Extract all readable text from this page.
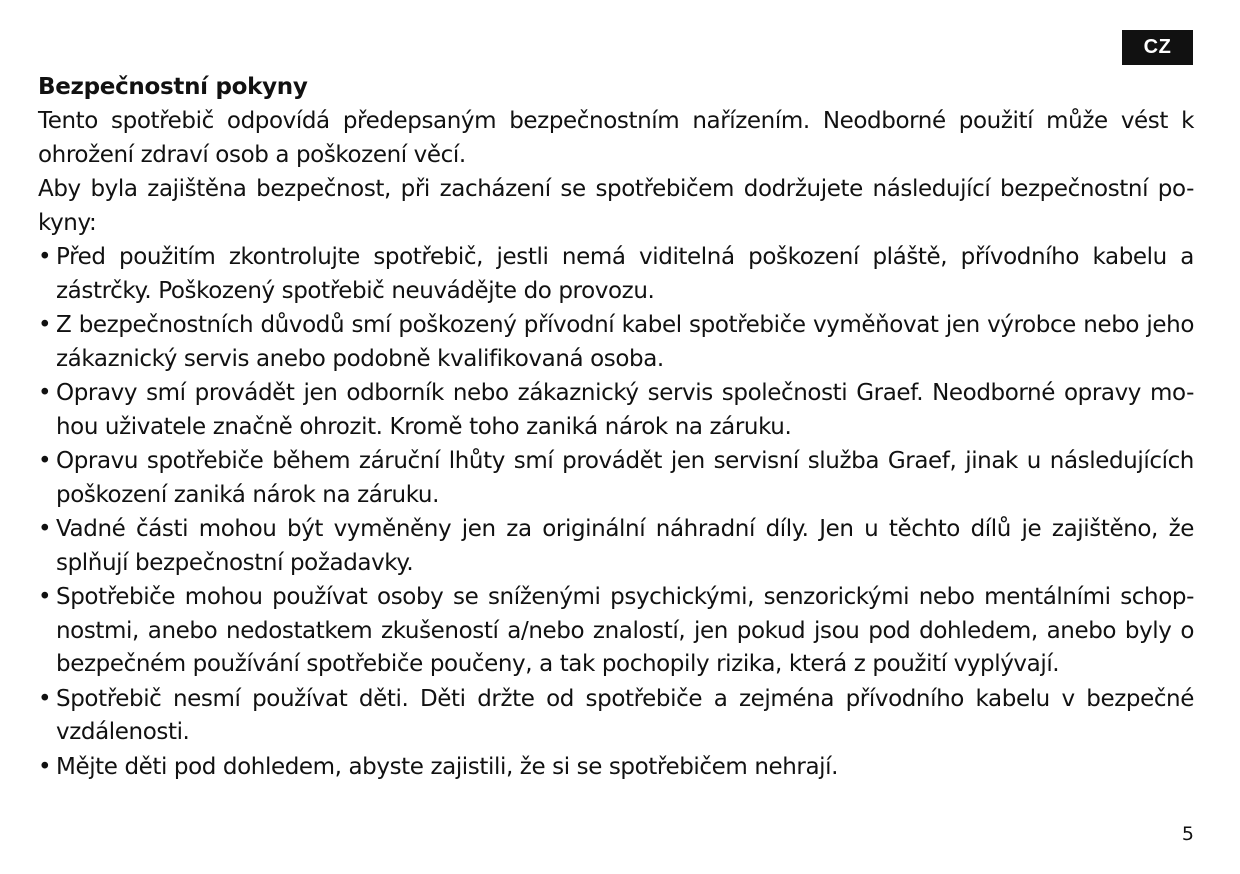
CZ
Bezpečnostní pokyny

Tento spotřebič odpovídá předepsaným bezpečnostním nařízením. Neodborné použití může vést k ohrožení zdraví osob a poškození věcí.

Aby byla zajištěna bezpečnost, při zacházení se spotřebičem dodržujete následující bezpečnostní po-kyny:

• Před použitím zkontrolujte spotřebič, jestli nemá viditelná poškození pláště, přívodního kabelu a zástrčky. Poškozený spotřebič neuvádějte do provozu.
• Z bezpečnostních důvodů smí poškozený přívodní kabel spotřebiče vyměňovat jen výrobce nebo jeho zákaznický servis anebo podobně kvalifikovaná osoba.
• Opravy smí provádět jen odborník nebo zákaznický servis společnosti Graef. Neodborné opravy mo-hou uživatele značně ohrozit. Kromě toho zaniká nárok na záruku.
• Opravu spotřebiče během záruční lhůty smí provádět jen servisní služba Graef, jinak u následujících poškození zaniká nárok na záruku.
• Vadné části mohou být vyměněny jen za originální náhradní díly. Jen u těchto dílů je zajištěno, že splňují bezpečnostní požadavky.
• Spotřebiče mohou používat osoby se sníženými psychickými, senzorickými nebo mentálními schop-nostmi, anebo nedostatkem zkušeností a/nebo znalostí, jen pokud jsou pod dohledem, anebo byly o bezpečném používání spotřebiče poučeny, a tak pochopily rizika, která z použití vyplývají.
• Spotřebič nesmí používat děti. Děti držte od spotřebiče a zejména přívodního kabelu v bezpečné vzdálenosti.
• Mějte děti pod dohledem, abyste zajistili, že si se spotřebičem nehrají.
5
